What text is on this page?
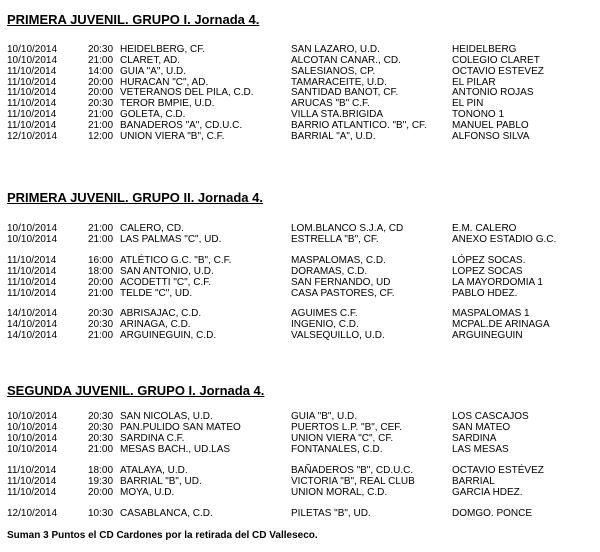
PRIMERA JUVENIL. GRUPO I. Jornada 4.
PRIMERA JUVENIL. GRUPO II. Jornada 4.
SEGUNDA JUVENIL. GRUPO I. Jornada 4.
10/10/2014	20:30 HEIDELBERG, CF.	SAN LAZARO, U.D.	HEIDELBERG
10/10/2014	21:00 CLARET, AD.	ALCOTAN CANAR., CD.	COLEGIO CLARET
11/10/2014	14:00 GUIA "A", U.D.	SALESIANOS, CP.	OCTAVIO ESTEVEZ
11/10/2014	20:00 HURACAN "C", AD.	TAMARACEITE, U.D.	EL PILAR
11/10/2014	20:00 VETERANOS DEL PILA, C.D.	SANTIDAD BANOT, CF.	ANTONIO ROJAS
11/10/2014	20:30 TEROR BMPIE, U.D.	ARUCAS "B" C.F.	EL PIN
11/10/2014	21:00 GOLETA, C.D.	VILLA STA.BRIGIDA	TONONO 1
11/10/2014	21:00 BANADEROS "A", CD.U.C.	BARRIO ATLANTICO. "B", CF.	MANUEL PABLO
12/10/2014	12:00 UNION VIERA "B", C.F.	BARRIAL "A", U.D.	ALFONSO SILVA
10/10/2014	21:00 CALERO, CD.	LOM.BLANCO S.J.A, CD	E.M. CALERO
10/10/2014	21:00 LAS PALMAS "C", UD.	ESTRELLA "B", CF.	ANEXO ESTADIO G.C.
11/10/2014	16:00 ATLÉTICO G.C. "B", C.F.	MASPALOMAS, C.D.	LÓPEZ SOCAS.
11/10/2014	18:00 SAN ANTONIO, U.D.	DORAMAS, C.D.	LOPEZ SOCAS
11/10/2014	20:00 ACODETTI "C", C.F.	SAN FERNANDO, UD	LA MAYORDOMIA 1
11/10/2014	21:00 TELDE "C", UD.	CASA PASTORES, CF.	PABLO HDEZ.
14/10/2014	20:30 ABRISAJAC, C.D.	AGUIMES C.F.	MASPALOMAS 1
14/10/2014	20:30 ARINAGA, C.D.	INGENIO, C.D.	MCPAL.DE ARINAGA
14/10/2014	21:00 ARGUINEGUIN, C.D.	VALSEQUILLO, U.D.	ARGUINEGUIN
10/10/2014	20:30 SAN NICOLAS, U.D.	GUIA "B", U.D.	LOS CASCAJOS
10/10/2014	20:30 PAN.PULIDO SAN MATEO	PUERTOS L.P. "B", CEF.	SAN MATEO
10/10/2014	20:30 SARDINA C.F.	UNION VIERA "C", CF.	SARDINA
10/10/2014	21:00 MESAS BACH., UD.LAS	FONTANALES, C.D.	LAS MESAS
11/10/2014	18:00 ATALAYA, U.D.	BAÑADEROS "B", CD.U.C.	OCTAVIO ESTÉVEZ
11/10/2014	19:30 BARRIAL "B", UD.	VICTORIA "B", REAL CLUB	BARRIAL
11/10/2014	20:00 MOYA, U.D.	UNION MORAL, C.D.	GARCIA HDEZ.
12/10/2014	10:30 CASABLANCA, C.D.	PILETAS "B", UD.	DOMGO. PONCE
Suman 3 Puntos el CD Cardones por la retirada del CD Valleseco.
